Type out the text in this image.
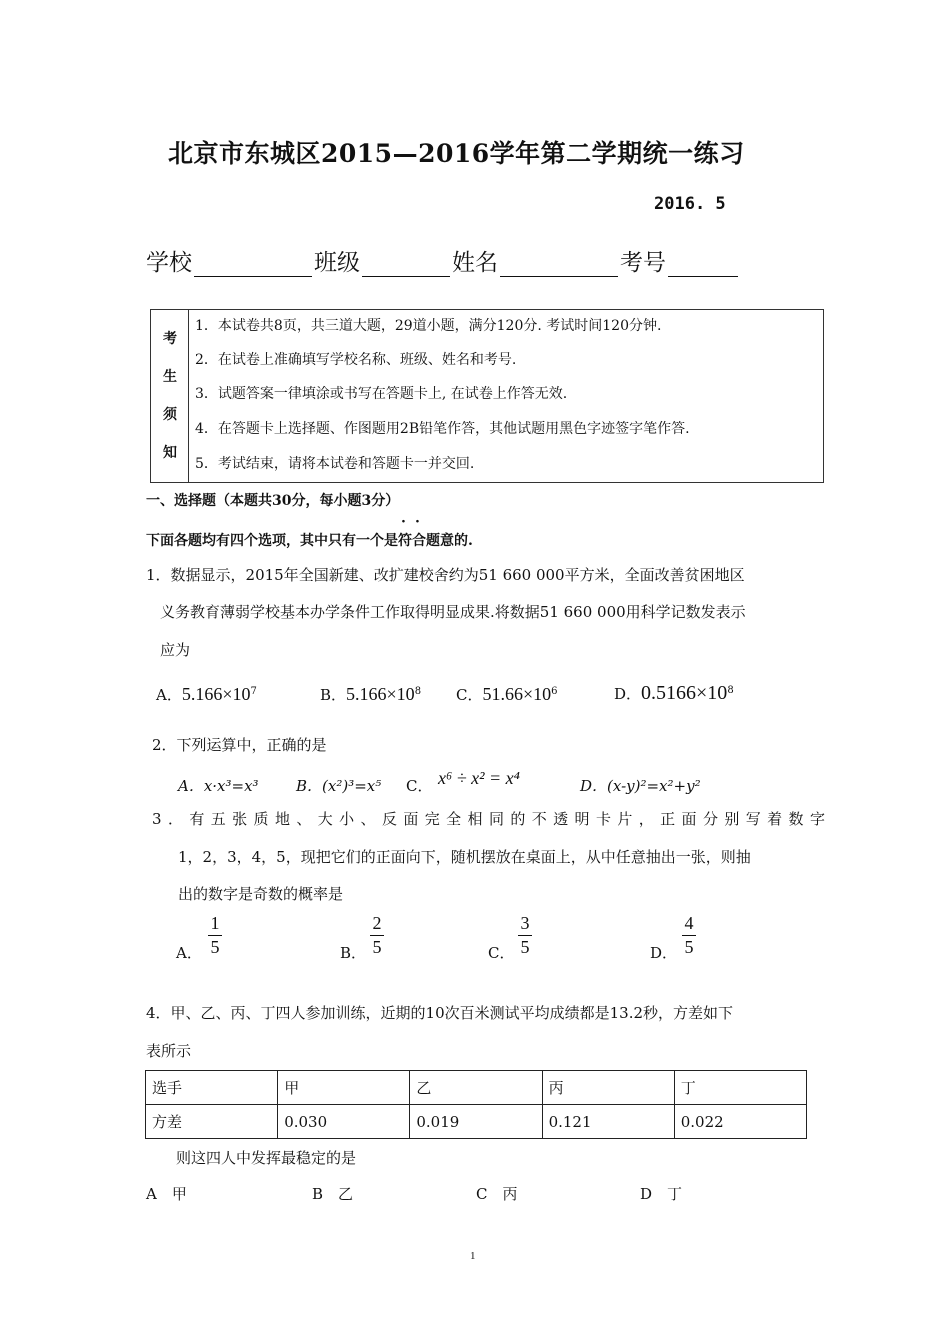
北京市东城区2015—2016学年第二学期统一练习
2016. 5
学校	班级	姓名	考号
考
生
须
知
1．本试卷共8页，共三道大题，29道小题，满分120分. 考试时间120分钟.
2．在试卷上准确填写学校名称、班级、姓名和考号.
3．试题答案一律填涂或书写在答题卡上, 在试卷上作答无效.
4．在答题卡上选择题、作图题用2B铅笔作答，其他试题用黑色字迹签字笔作答.
5．考试结束，请将本试卷和答题卡一并交回.
一、选择题（本题共30分，每小题3分）
· ·
下面各题均有四个选项，其中只有一个是符合题意的.
1．数据显示，2015年全国新建、改扩建校舍约为51 660 000平方米，全面改善贫困地区
义务教育薄弱学校基本办学条件工作取得明显成果.将数据51 660 000用科学记数发表示
应为
A．$5.166\times 10^7$	B．$5.166\times 10^8$ C．$51.66\times 10^6$	D．$0.5166\times 10^8$
2．下列运算中，正确的是
A．x·x³=x³ B．(x²)³=x⁵ C． x⁶ ÷ x² = x⁴	D．(x-y)²=x²+y²
3．有五张质地、大小、反面完全相同的不透明卡片，正面分别写着数字
1，2，3，4，5，现把它们的正面向下，随机摆放在桌面上，从中任意抽出一张，则抽
出的数字是奇数的概率是
A．
1
5	B．
2
5	C．
3
5	D．
4
5
4．甲、乙、丙、丁四人参加训练，近期的10次百米测试平均成绩都是13.2秒，方差如下
表所示
选手	甲	乙	丙	丁
方差	0.030	0.019	0.121	0.022
则这四人中发挥最稳定的是
A　甲	B　乙	C　丙	D　丁
1
